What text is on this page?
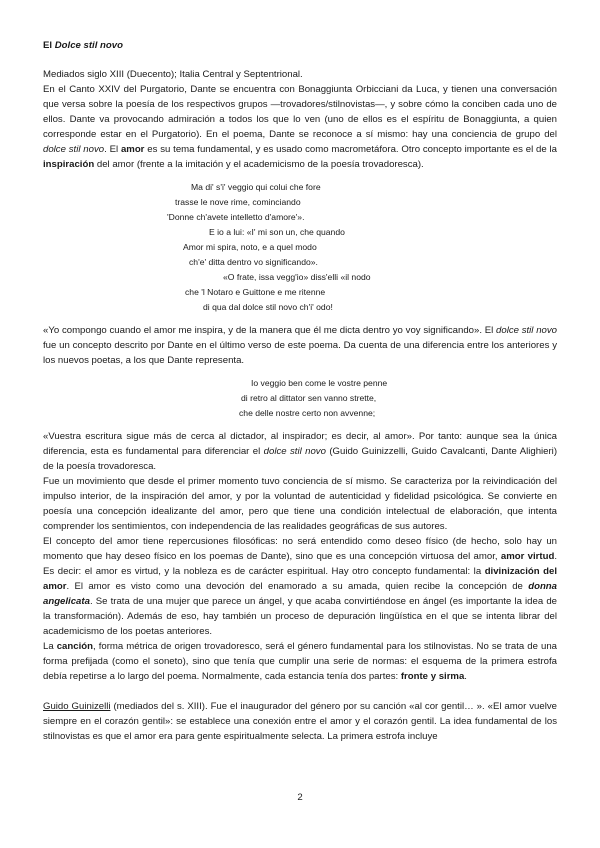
El Dolce stil novo

Mediados siglo XIII (Duecento); Italia Central y Septentrional.

En el Canto XXIV del Purgatorio, Dante se encuentra con Bonaggiunta Orbicciani da Luca, y tienen una conversación que versa sobre la poesía de los respectivos grupos —trovadores/stilnovistas—, y sobre cómo la conciben cada uno de ellos. Dante va provocando admiración a todos los que lo ven (uno de ellos es el espíritu de Bonaggiunta, a quien corresponde estar en el Purgatorio). En el poema, Dante se reconoce a sí mismo: hay una conciencia de grupo del dolce stil novo. El amor es su tema fundamental, y es usado como macrometáfora. Otro concepto importante es el de la inspiración del amor (frente a la imitación y el academicismo de la poesía trovadoresca).

Ma di' s'i' veggio qui colui che fore
trasse le nove rime, cominciando
'Donne ch'avete intelletto d'amore'».
E io a lui: «I' mi son un, che quando
Amor mi spira, noto, e a quel modo
ch'e' ditta dentro vo significando».
«O frate, issa vegg'io» diss'elli «il nodo
che 'l Notaro e Guittone e me ritenne
di qua dal dolce stil novo ch'i' odo!

«Yo compongo cuando el amor me inspira, y de la manera que él me dicta dentro yo voy significando». El dolce stil novo fue un concepto descrito por Dante en el último verso de este poema. Da cuenta de una diferencia entre los anteriores y los nuevos poetas, a los que Dante representa.

Io veggio ben come le vostre penne
di retro al dittator sen vanno strette,
che delle nostre certo non avvenne;

«Vuestra escritura sigue más de cerca al dictador, al inspirador; es decir, al amor». Por tanto: aunque sea la única diferencia, esta es fundamental para diferenciar el dolce stil novo (Guido Guinizzelli, Guido Cavalcanti, Dante Alighieri) de la poesía trovadoresca.

Fue un movimiento que desde el primer momento tuvo conciencia de sí mismo. Se caracteriza por la reivindicación del impulso interior, de la inspiración del amor, y por la voluntad de autenticidad y fidelidad psicológica. Se convierte en poesía una concepción idealizante del amor, pero que tiene una condición intelectual de elaboración, que intenta comprender los sentimientos, con independencia de las realidades geográficas de sus autores.

El concepto del amor tiene repercusiones filosóficas: no será entendido como deseo físico (de hecho, solo hay un momento que hay deseo físico en los poemas de Dante), sino que es una concepción virtuosa del amor, amor virtud. Es decir: el amor es virtud, y la nobleza es de carácter espiritual. Hay otro concepto fundamental: la divinización del amor. El amor es visto como una devoción del enamorado a su amada, quien recibe la concepción de donna angelicata. Se trata de una mujer que parece un ángel, y que acaba convirtiéndose en ángel (es importante la idea de la transformación). Además de eso, hay también un proceso de depuración lingüística en el que se intenta librar del academicismo de los poetas anteriores.

La canción, forma métrica de origen trovadoresco, será el género fundamental para los stilnovistas. No se trata de una forma prefijada (como el soneto), sino que tenía que cumplir una serie de normas: el esquema de la primera estrofa debía repetirse a lo largo del poema. Normalmente, cada estancia tenía dos partes: fronte y sirma.

Guido Guinizelli (mediados del s. XIII). Fue el inaugurador del género por su canción «al cor gentil… ». «El amor vuelve siempre en el corazón gentil»: se establece una conexión entre el amor y el corazón gentil. La idea fundamental de los stilnovistas es que el amor era para gente espiritualmente selecta. La primera estrofa incluye

2
